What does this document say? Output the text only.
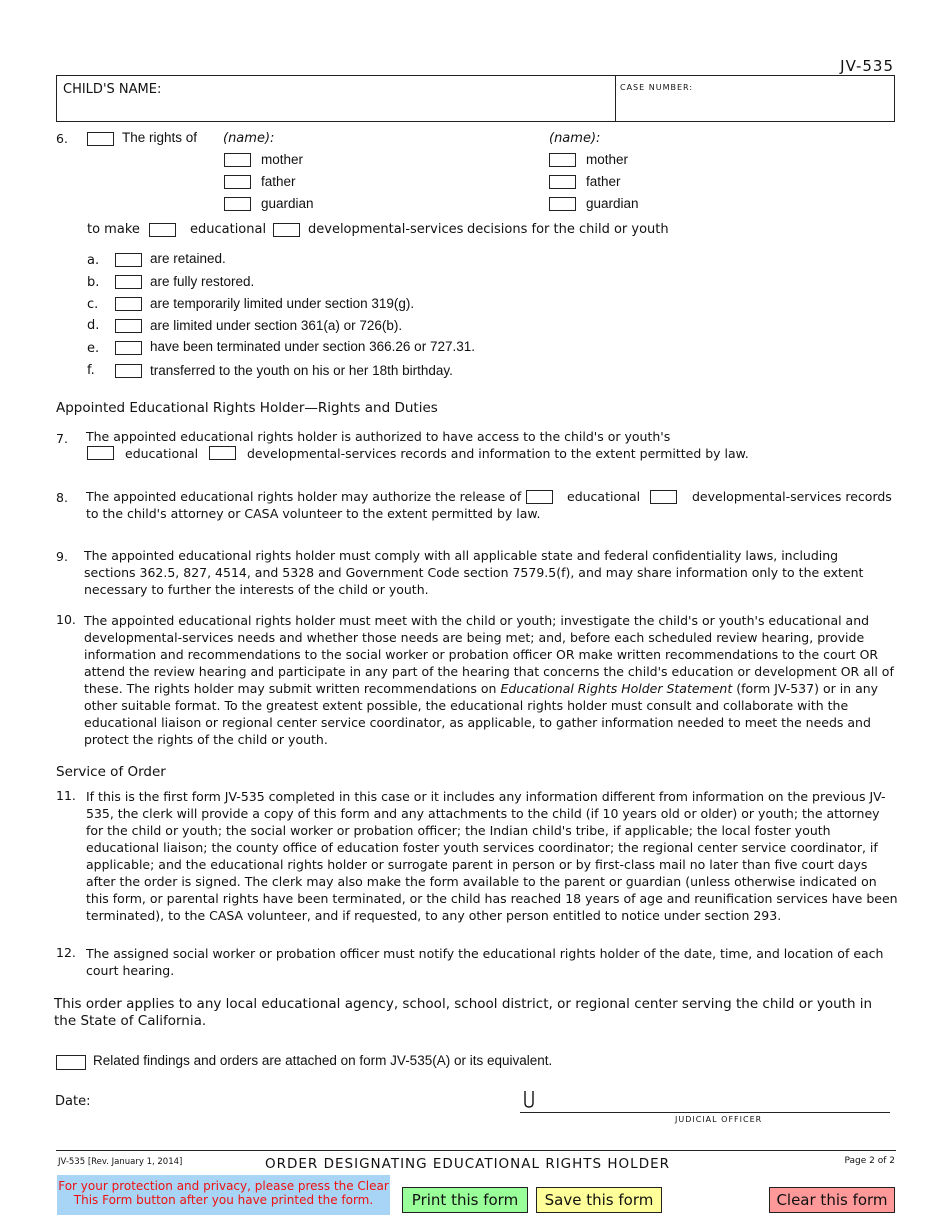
JV-535
CHILD'S NAME:	CASE NUMBER:
6.	The rights of (name):	(name):
mother
father
guardian
mother
father
guardian
to make	educational	developmental-services decisions for the child or youth
a.	are retained.
b.	are fully restored.
c.	are temporarily limited under section 319(g).
d.	are limited under section 361(a) or 726(b).
e.	have been terminated under section 366.26 or 727.31.
f.	transferred to the youth on his or her 18th birthday.
Appointed Educational Rights Holder—Rights and Duties
7. The appointed educational rights holder is authorized to have access to the child's or youth's
educational	developmental-services records and information to the extent permitted by law.
8. The appointed educational rights holder may authorize the release of	educational	developmental-services records
to the child's attorney or CASA volunteer to the extent permitted by law.
9. The appointed educational rights holder must comply with all applicable state and federal confidentiality laws, including sections 362.5, 827, 4514, and 5328 and Government Code section 7579.5(f), and may share information only to the extent necessary to further the interests of the child or youth.
10. The appointed educational rights holder must meet with the child or youth; investigate the child's or youth's educational and developmental-services needs and whether those needs are being met; and, before each scheduled review hearing, provide information and recommendations to the social worker or probation officer OR make written recommendations to the court OR attend the review hearing and participate in any part of the hearing that concerns the child's education or development OR all of these. The rights holder may submit written recommendations on Educational Rights Holder Statement (form JV-537) or in any other suitable format. To the greatest extent possible, the educational rights holder must consult and collaborate with the educational liaison or regional center service coordinator, as applicable, to gather information needed to meet the needs and protect the rights of the child or youth.
Service of Order
11. If this is the first form JV-535 completed in this case or it includes any information different from information on the previous JV-535, the clerk will provide a copy of this form and any attachments to the child (if 10 years old or older) or youth; the attorney for the child or youth; the social worker or probation officer; the Indian child's tribe, if applicable; the local foster youth educational liaison; the county office of education foster youth services coordinator; the regional center service coordinator, if applicable; and the educational rights holder or surrogate parent in person or by first-class mail no later than five court days after the order is signed. The clerk may also make the form available to the parent or guardian (unless otherwise indicated on this form, or parental rights have been terminated, or the child has reached 18 years of age and reunification services have been terminated), to the CASA volunteer, and if requested, to any other person entitled to notice under section 293.
12. The assigned social worker or probation officer must notify the educational rights holder of the date, time, and location of each court hearing.
This order applies to any local educational agency, school, school district, or regional center serving the child or youth in the State of California.
Related findings and orders are attached on form JV-535(A) or its equivalent.
Date:
JUDICIAL OFFICER
JV-535 [Rev. January 1, 2014]	ORDER DESIGNATING EDUCATIONAL RIGHTS HOLDER	Page 2 of 2
For your protection and privacy, please press the Clear This Form button after you have printed the form.	Print this form	Save this form	Clear this form
